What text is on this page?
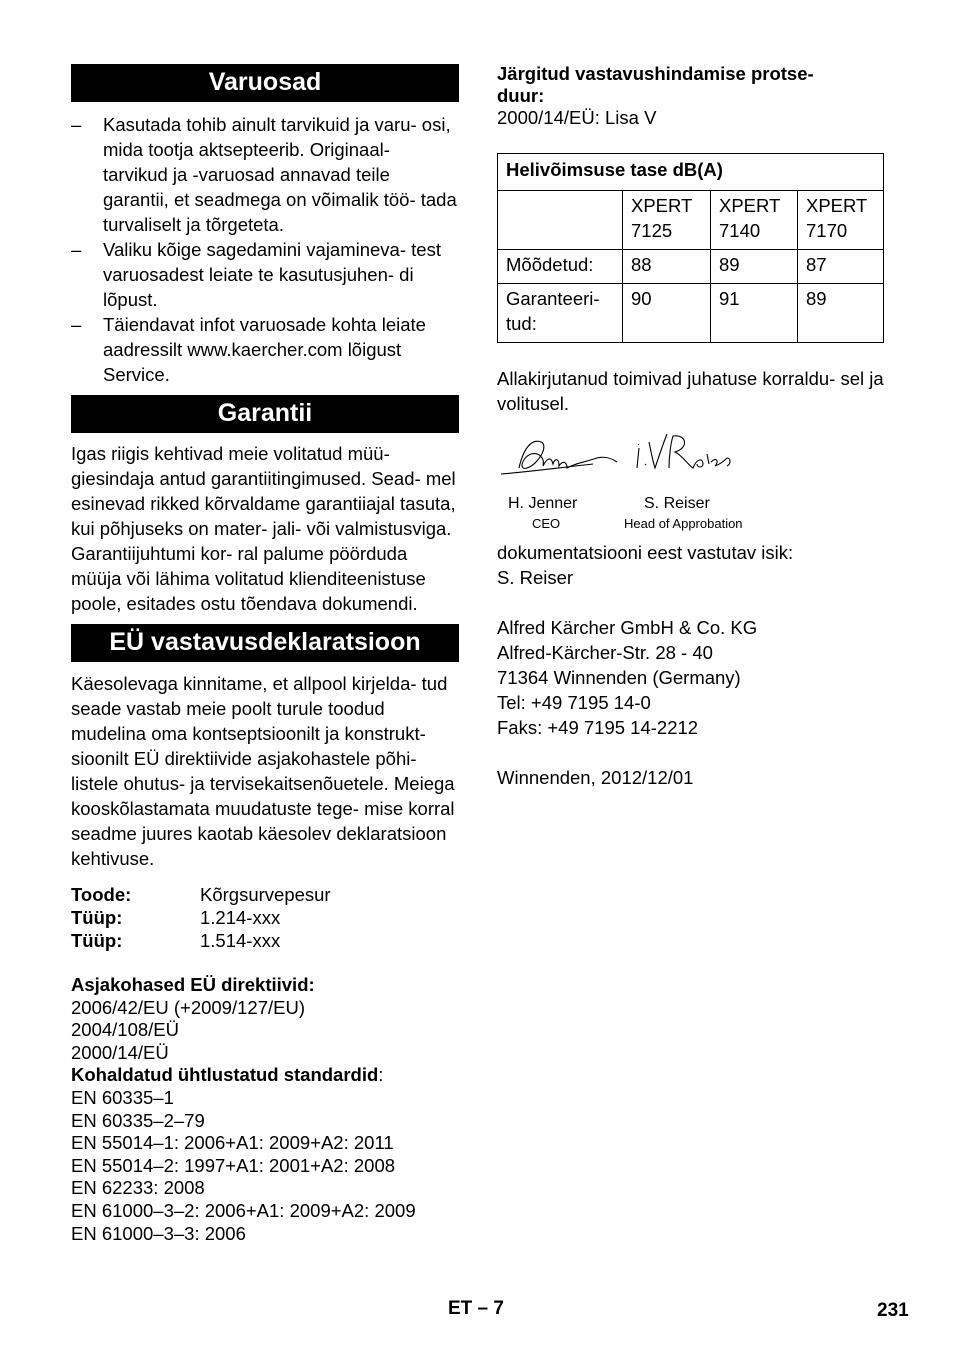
Varuosad
– Kasutada tohib ainult tarvikuid ja varu- osi, mida tootja aktsepteerib. Originaal- tarvikud ja -varuosad annavad teile garantii, et seadmega on võimalik töö- tada turvaliselt ja tõrgeteta.
– Valiku kõige sagedamini vajamineva- test varuosadest leiate te kasutusjuhen- di lõpust.
– Täiendavat infot varuosade kohta leiate aadressilt www.kaercher.com lõigust Service.
Garantii

Igas riigis kehtivad meie volitatud müü- giesindaja antud garantiitingimused. Sead- mel esinevad rikked kõrvaldame garantiiajal tasuta, kui põhjuseks on mater- jali- või valmistusviga. Garantiijuhtumi kor- ral palume pöörduda müüja või lähima volitatud klienditeenistuse poole, esitades ostu tõendava dokumendi.

EÜ vastavusdeklaratsioon

Käesolevaga kinnitame, et allpool kirjelda- tud seade vastab meie poolt turule toodud mudelina oma kontseptsioonilt ja konstrukt- sioonilt EÜ direktiivide asjakohastele põhi- listele ohutus- ja tervisekaitsenõuetele. Meiega kooskõlastamata muudatuste tege- mise korral seadme juures kaotab käesolev deklaratsioon kehtivuse.

Toode:	Kõrgsurvepesur
Tüüp:	1.214-xxx
Tüüp:	1.514-xxx
Asjakohased EÜ direktiivid:
2006/42/EU (+2009/127/EU)
2004/108/EÜ
2000/14/EÜ
Kohaldatud ühtlustatud standardid:
EN 60335–1
EN 60335–2–79
EN 55014–1: 2006+A1: 2009+A2: 2011
EN 55014–2: 1997+A1: 2001+A2: 2008
EN 62233: 2008
EN 61000–3–2: 2006+A1: 2009+A2: 2009
EN 61000–3–3: 2006
Järgitud vastavushindamise protse-
duur:
2000/14/EÜ: Lisa V
Helivõimsuse tase dB(A)			
	XPERT 7125	XPERT 7140	XPERT 7170
Mõõdetud:	88	89	87
Garanteeri- tud:	90	91	89

Allakirjutanud toimivad juhatuse korraldu- sel ja volitusel.

H. Jenner	S. Reiser
CEO	Head of Approbation
dokumentatsiooni eest vastutav isik:
S. Reiser
Alfred Kärcher GmbH & Co. KG
Alfred-Kärcher-Str. 28 - 40
71364 Winnenden (Germany)
Tel: +49 7195 14-0
Faks: +49 7195 14-2212
Winnenden, 2012/12/01
ET – 7	231
